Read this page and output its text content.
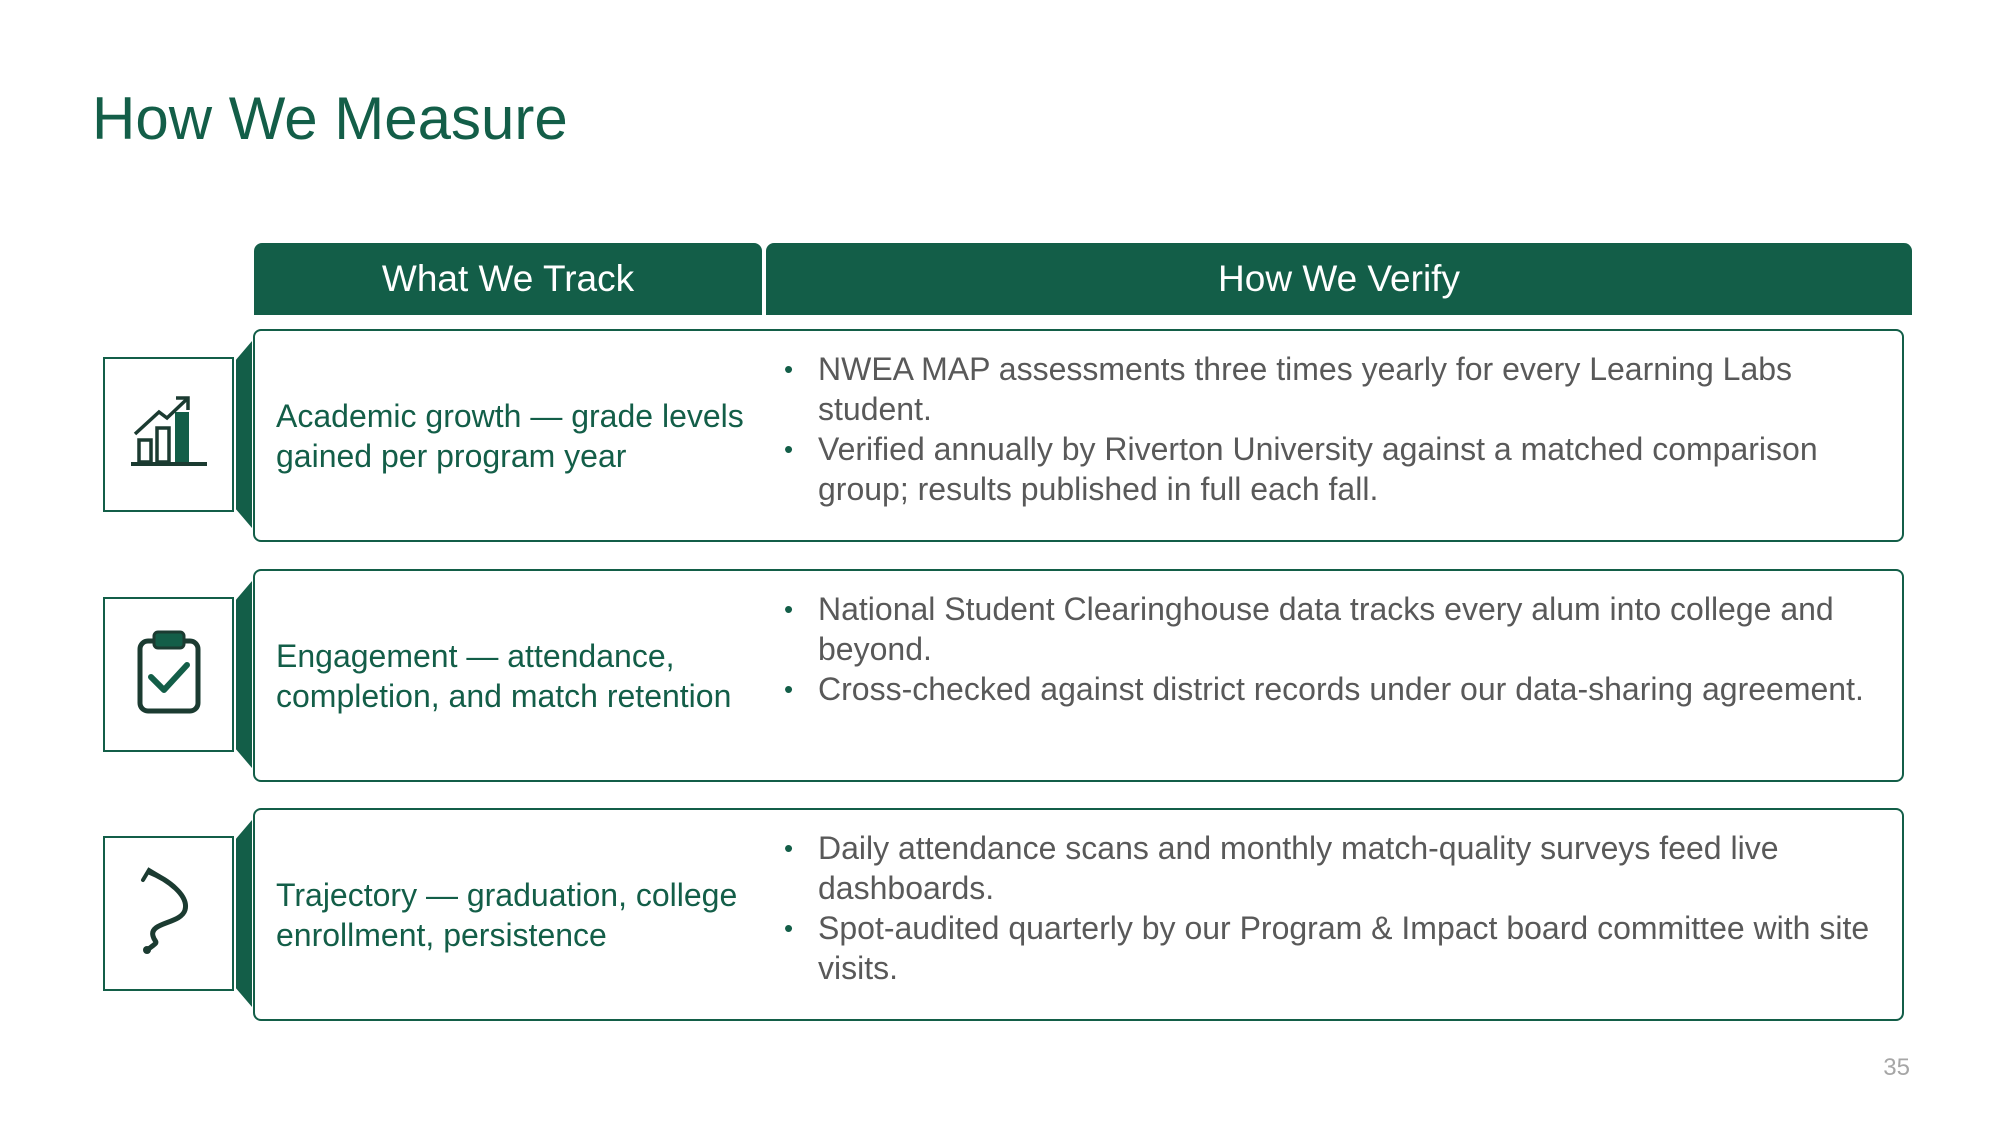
How We Measure
What We Track	How We Verify
Academic growth — grade levels gained per program year
• NWEA MAP assessments three times yearly for every Learning Labs student.
• Verified annually by Riverton University against a matched comparison group; results published in full each fall.
Engagement — attendance, completion, and match retention
• National Student Clearinghouse data tracks every alum into college and beyond.
• Cross-checked against district records under our data-sharing agreement.
Trajectory — graduation, college enrollment, persistence
• Daily attendance scans and monthly match-quality surveys feed live dashboards.
• Spot-audited quarterly by our Program & Impact board committee with site visits.
35
